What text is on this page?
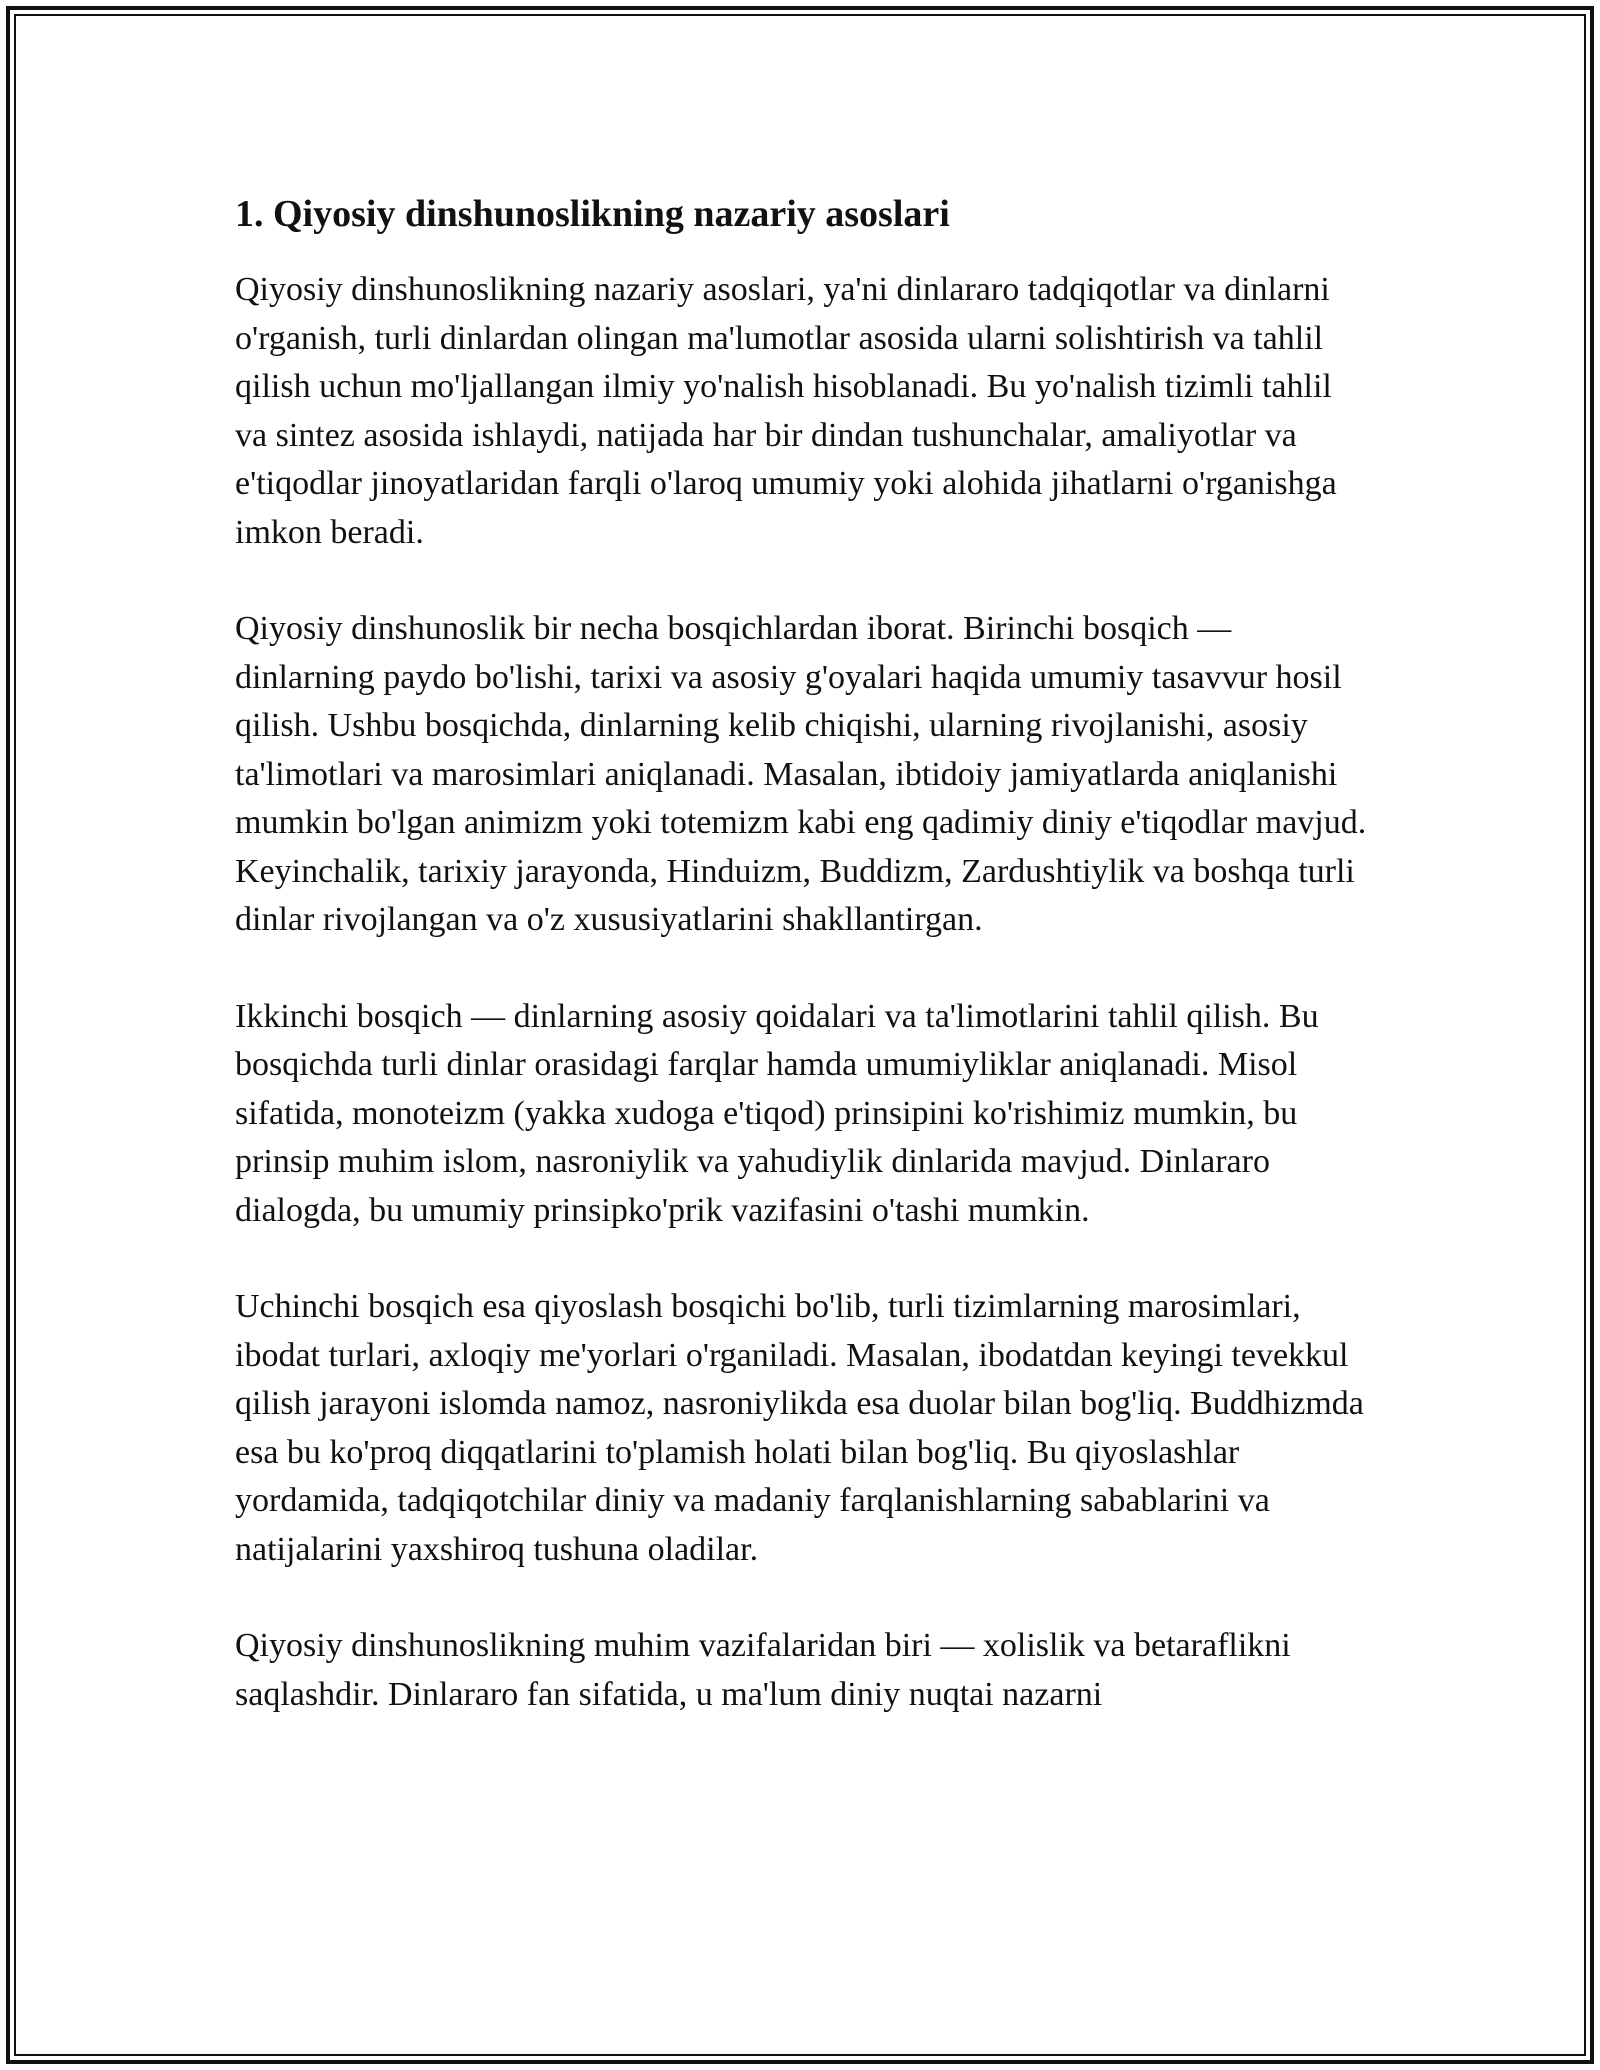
1. Qiyosiy dinshunoslikning nazariy asoslari

Qiyosiy dinshunoslikning nazariy asoslari, ya'ni dinlararo tadqiqotlar va dinlarni o'rganish, turli dinlardan olingan ma'lumotlar asosida ularni solishtirish va tahlil qilish uchun mo'ljallangan ilmiy yo'nalish hisoblanadi. Bu yo'nalish tizimli tahlil va sintez asosida ishlaydi, natijada har bir dindan tushunchalar, amaliyotlar va e'tiqodlar jinoyatlaridan farqli o'laroq umumiy yoki alohida jihatlarni o'rganishga imkon beradi.

Qiyosiy dinshunoslik bir necha bosqichlardan iborat. Birinchi bosqich — dinlarning paydo bo'lishi, tarixi va asosiy g'oyalari haqida umumiy tasavvur hosil qilish. Ushbu bosqichda, dinlarning kelib chiqishi, ularning rivojlanishi, asosiy ta'limotlari va marosimlari aniqlanadi. Masalan, ibtidoiy jamiyatlarda aniqlanishi mumkin bo'lgan animizm yoki totemizm kabi eng qadimiy diniy e'tiqodlar mavjud. Keyinchalik, tarixiy jarayonda, Hinduizm, Buddizm, Zardushtiylik va boshqa turli dinlar rivojlangan va o'z xususiyatlarini shakllantirgan.

Ikkinchi bosqich — dinlarning asosiy qoidalari va ta'limotlarini tahlil qilish. Bu bosqichda turli dinlar orasidagi farqlar hamda umumiyliklar aniqlanadi. Misol sifatida, monoteizm (yakka xudoga e'tiqod) prinsipini ko'rishimiz mumkin, bu prinsip muhim islom, nasroniylik va yahudiylik dinlarida mavjud. Dinlararo dialogda, bu umumiy prinsipko'prik vazifasini o'tashi mumkin.

Uchinchi bosqich esa qiyoslash bosqichi bo'lib, turli tizimlarning marosimlari, ibodat turlari, axloqiy me'yorlari o'rganiladi. Masalan, ibodatdan keyingi tevekkul qilish jarayoni islomda namoz, nasroniylikda esa duolar bilan bog'liq. Buddhizmda esa bu ko'proq diqqatlarini to'plamish holati bilan bog'liq. Bu qiyoslashlar yordamida, tadqiqotchilar diniy va madaniy farqlanishlarning sabablarini va natijalarini yaxshiroq tushuna oladilar.

Qiyosiy dinshunoslikning muhim vazifalaridan biri — xolislik va betaraflikni saqlashdir. Dinlararo fan sifatida, u ma'lum diniy nuqtai nazarni
